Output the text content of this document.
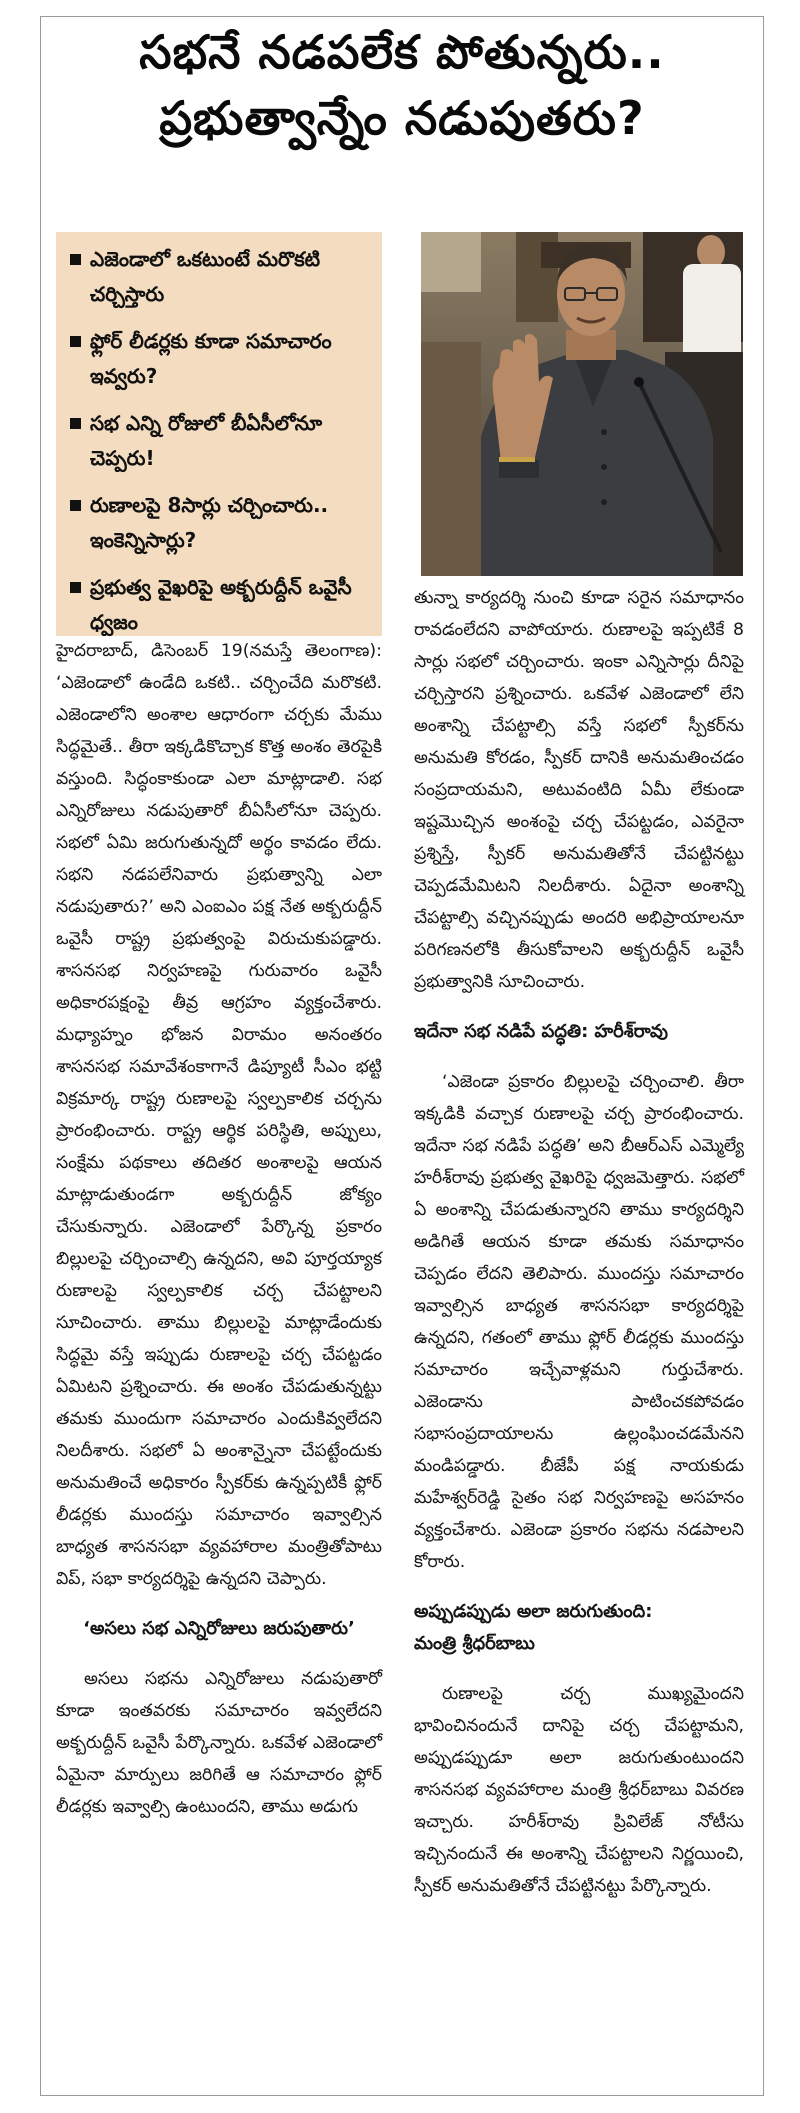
సభనే నడపలేక పోతున్నరు..
ప్రభుత్వాన్నేం నడుపుతరు?
ఎజెండాలో ఒకటుంటే మరొకటి చర్చిస్తారు
ఫ్లోర్ లీడర్లకు కూడా సమాచారం ఇవ్వరు?
సభ ఎన్ని రోజులో బీఏసీలోనూ చెప్పరు!
రుణాలపై 8సార్లు చర్చించారు.. ఇంకెన్నిసార్లు?
ప్రభుత్వ వైఖరిపై అక్బరుద్దీన్ ఒవైసీ ధ్వజం

హైదరాబాద్, డిసెంబర్ 19(నమస్తే తెలంగాణ): ‘ఎజెండాలో ఉండేది ఒకటి.. చర్చించేది మరొకటి. ఎజెండాలోని అంశాల ఆధారంగా చర్చకు మేము సిద్ధమైతే.. తీరా ఇక్కడికొచ్చాక కొత్త అంశం తెరపైకి వస్తుంది. సిద్ధంకాకుండా ఎలా మాట్లాడాలి. సభ ఎన్నిరోజులు నడుపుతారో బీఏసీలోనూ చెప్పరు. సభలో ఏమి జరుగుతున్నదో అర్థం కావడం లేదు. సభని నడపలేనివారు ప్రభుత్వాన్ని ఎలా నడుపుతారు?’ అని ఎంఐఎం పక్ష నేత అక్బరుద్దీన్ ఒవైసీ రాష్ట్ర ప్రభుత్వంపై విరుచుకుపడ్డారు. శాసనసభ నిర్వహణపై గురువారం ఒవైసీ అధికారపక్షంపై తీవ్ర ఆగ్రహం వ్యక్తంచేశారు. మధ్యాహ్నం భోజన విరామం అనంతరం శాసనసభ సమావేశంకాగానే డిప్యూటీ సీఎం భట్టి విక్రమార్క రాష్ట్ర రుణాలపై స్వల్పకాలిక చర్చను ప్రారంభించారు. రాష్ట్ర ఆర్థిక పరిస్థితి, అప్పులు, సంక్షేమ పథకాలు తదితర అంశాలపై ఆయన మాట్లాడుతుండగా అక్బరుద్దీన్ జోక్యం చేసుకున్నారు. ఎజెండాలో పేర్కొన్న ప్రకారం బిల్లులపై చర్చించాల్సి ఉన్నదని, అవి పూర్తయ్యాక రుణాలపై స్వల్పకాలిక చర్చ చేపట్టాలని సూచించారు. తాము బిల్లులపై మాట్లాడేందుకు సిద్ధమై వస్తే ఇప్పుడు రుణాలపై చర్చ చేపట్టడం ఏమిటని ప్రశ్నించారు. ఈ అంశం చేపడుతున్నట్టు తమకు ముందుగా సమాచారం ఎందుకివ్వలేదని నిలదీశారు. సభలో ఏ అంశాన్నైనా చేపట్టేందుకు అనుమతించే అధికారం స్పీకర్‌కు ఉన్నప్పటికీ ఫ్లోర్ లీడర్లకు ముందస్తు సమాచారం ఇవ్వాల్సిన బాధ్యత శాసనసభా వ్యవహారాల మంత్రితోపాటు విప్, సభా కార్యదర్శిపై ఉన్నదని చెప్పారు.

‘అసలు సభ ఎన్నిరోజులు జరుపుతారు’

అసలు సభను ఎన్నిరోజులు నడుపుతారో కూడా ఇంతవరకు సమాచారం ఇవ్వలేదని అక్బరుద్దీన్ ఒవైసీ పేర్కొన్నారు. ఒకవేళ ఎజెండాలో ఏమైనా మార్పులు జరిగితే ఆ సమాచారం ఫ్లోర్ లీడర్లకు ఇవ్వాల్సి ఉంటుందని, తాము అడుగు

తున్నా కార్యదర్శి నుంచి కూడా సరైన సమాధానం రావడంలేదని వాపోయారు. రుణాలపై ఇప్పటికే 8 సార్లు సభలో చర్చించారు. ఇంకా ఎన్నిసార్లు దీనిపై చర్చిస్తారని ప్రశ్నించారు. ఒకవేళ ఎజెండాలో లేని అంశాన్ని చేపట్టాల్సి వస్తే సభలో స్పీకర్‌ను అనుమతి కోరడం, స్పీకర్ దానికి అనుమతించడం సంప్రదాయమని, అటువంటిది ఏమీ లేకుండా ఇష్టమొచ్చిన అంశంపై చర్చ చేపట్టడం, ఎవరైనా ప్రశ్నిస్తే, స్పీకర్ అనుమతితోనే చేపట్టినట్టు చెప్పడమేమిటని నిలదీశారు. ఏదైనా అంశాన్ని చేపట్టాల్సి వచ్చినప్పుడు అందరి అభిప్రాయాలనూ పరిగణనలోకి తీసుకోవాలని అక్బరుద్దీన్ ఒవైసీ ప్రభుత్వానికి సూచించారు.

ఇదేనా సభ నడిపే పద్ధతి: హరీశ్‌రావు

‘ఎజెండా ప్రకారం బిల్లులపై చర్చించాలి. తీరా ఇక్కడికి వచ్చాక రుణాలపై చర్చ ప్రారంభించారు. ఇదేనా సభ నడిపే పద్ధతి’ అని బీఆర్ఎస్ ఎమ్మెల్యే హరీశ్‌రావు ప్రభుత్వ వైఖరిపై ధ్వజమెత్తారు. సభలో ఏ అంశాన్ని చేపడుతున్నారని తాము కార్యదర్శిని అడిగితే ఆయన కూడా తమకు సమాధానం చెప్పడం లేదని తెలిపారు. ముందస్తు సమాచారం ఇవ్వాల్సిన బాధ్యత శాసనసభా కార్యదర్శిపై ఉన్నదని, గతంలో తాము ఫ్లోర్ లీడర్లకు ముందస్తు సమాచారం ఇచ్చేవాళ్లమని గుర్తుచేశారు. ఎజెండాను పాటించకపోవడం సభాసంప్రదాయాలను ఉల్లంఘించడమేనని మండిపడ్డారు. బీజేపీ పక్ష నాయకుడు మహేశ్వర్‌రెడ్డి సైతం సభ నిర్వహణపై అసహనం వ్యక్తంచేశారు. ఎజెండా ప్రకారం సభను నడపాలని కోరారు.

అప్పుడప్పుడు అలా జరుగుతుంది:

మంత్రి శ్రీధర్‌బాబు

రుణాలపై చర్చ ముఖ్యమైందని భావించినందునే దానిపై చర్చ చేపట్టామని, అప్పుడప్పుడూ అలా జరుగుతుంటుందని శాసనసభ వ్యవహారాల మంత్రి శ్రీధర్‌బాబు వివరణ ఇచ్చారు. హరీశ్‌రావు ప్రివిలేజ్ నోటీసు ఇచ్చినందునే ఈ అంశాన్ని చేపట్టాలని నిర్ణయించి, స్పీకర్ అనుమతితోనే చేపట్టినట్టు పేర్కొన్నారు.
